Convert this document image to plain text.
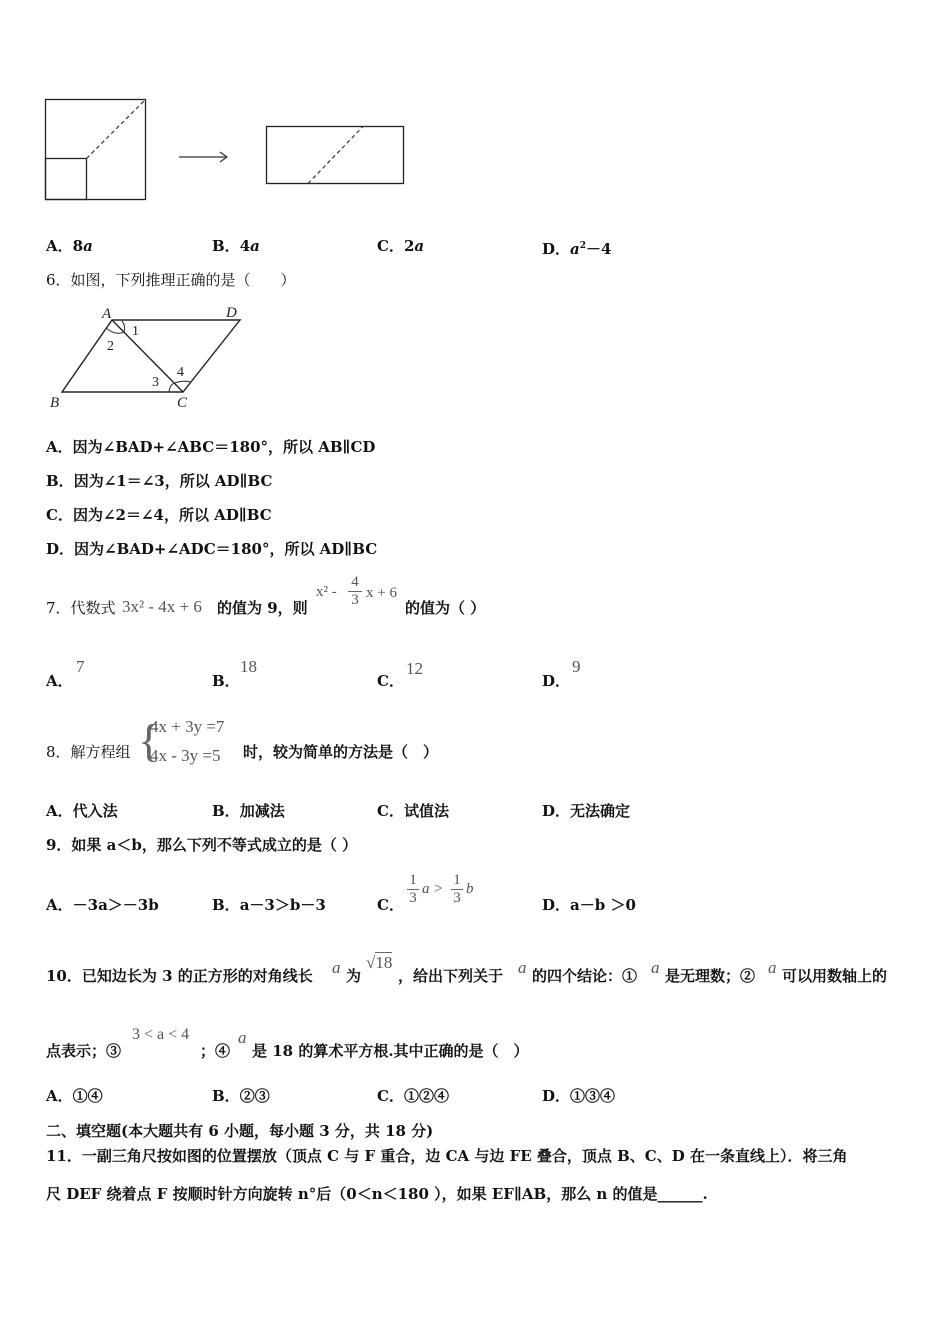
A．8a	B．4a	C．2a	D．$a^2-4$
6．如图，下列推理正确的是（　　）
A	D
B	C
1
2
3
4
A．因为∠BAD+∠ABC＝180°，所以 AB∥CD
B．因为∠1＝∠3，所以 AD∥BC
C．因为∠2＝∠4，所以 AD∥BC
D．因为∠BAD+∠ADC＝180°，所以 AD∥BC
7．代数式 3x² - 4x + 6 的值为 9，则
$x^2 - \frac{4}{3}$ x + 6
的值为（ ）
A．
7
B．
18
C．
12
D．
9
8．解方程组 {
4x + 3y =7
4x - 3y =5 时，较为简单的方法是（　）
A．代入法	B．加减法	C．试值法	D．无法确定
9．如果 a＜b，那么下列不等式成立的是（ ）
A．－3a＞－3b	B．a－3＞b－3	C． $\frac{1}{3}$ $a > \frac{1}{3}$ b
D．a－b ＞0
10．已知边长为 3 的正方形的对角线长 a 为
√18
，给出下列关于 a 的四个结论：① a 是无理数；② a 可以用数轴上的
点表示；③
3 < a < 4
；④
a
是 18 的算术平方根.其中正确的是（　）
A．①④	B．②③	C．①②④	D．①③④
二、填空题(本大题共有 6 小题，每小题 3 分，共 18 分)
11．一副三角尺按如图的位置摆放（顶点 C 与 F 重合，边 CA 与边 FE 叠合，顶点 B、C、D 在一条直线上）．将三角
尺 DEF 绕着点 F 按顺时针方向旋转 n°后（0＜n＜180 ），如果 EF∥AB，那么 n 的值是______.
